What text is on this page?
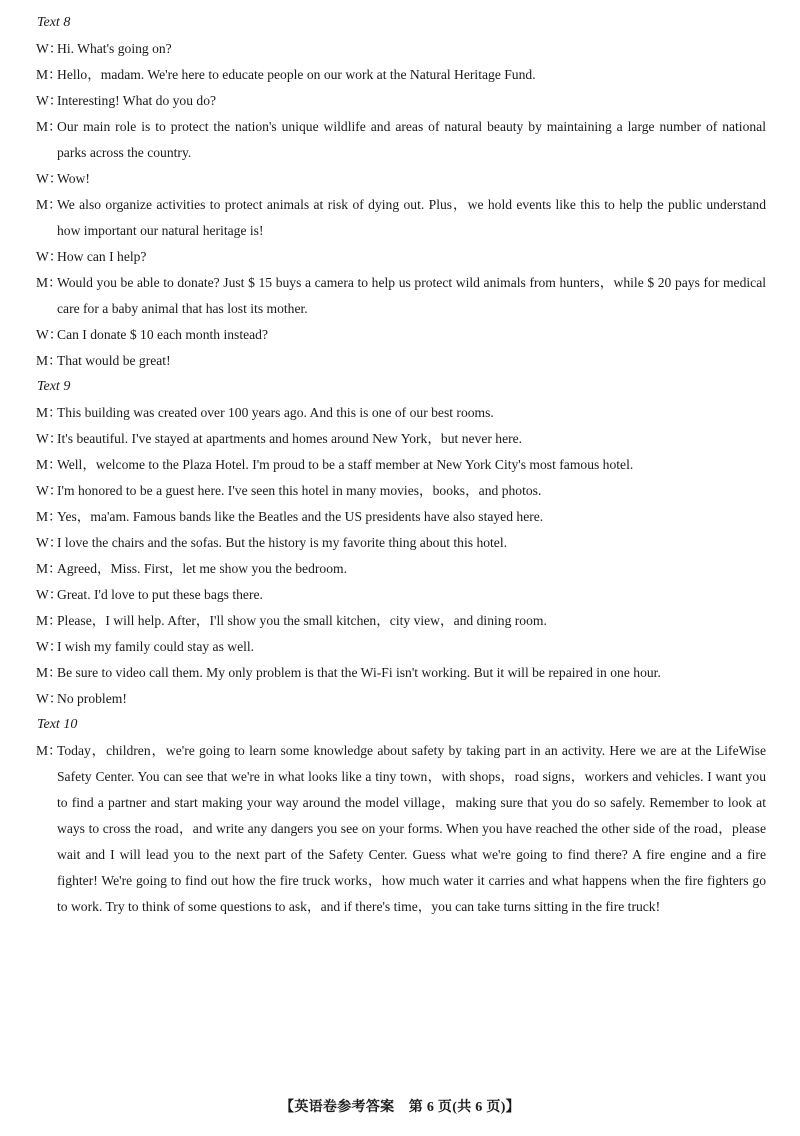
Text 8
W：
Hi. What's going on?
M：
Hello，madam. We're here to educate people on our work at the Natural Heritage Fund.
W：
Interesting! What do you do?
M：
Our main role is to protect the nation's unique wildlife and areas of natural beauty by maintaining a large number of national parks across the country.
W：
Wow!
M：
We also organize activities to protect animals at risk of dying out. Plus，we hold events like this to help the public understand how important our natural heritage is!
W：
How can I help?
M：
Would you be able to donate? Just $ 15 buys a camera to help us protect wild animals from hunters，while $ 20 pays for medical care for a baby animal that has lost its mother.
W：
Can I donate $ 10 each month instead?
M：
That would be great!
Text 9
M：
This building was created over 100 years ago. And this is one of our best rooms.
W：
It's beautiful. I've stayed at apartments and homes around New York，but never here.
M：
Well，welcome to the Plaza Hotel. I'm proud to be a staff member at New York City's most famous hotel.
W：
I'm honored to be a guest here. I've seen this hotel in many movies，books，and photos.
M：
Yes，ma'am. Famous bands like the Beatles and the US presidents have also stayed here.
W：
I love the chairs and the sofas. But the history is my favorite thing about this hotel.
M：
Agreed，Miss. First，let me show you the bedroom.
W：
Great. I'd love to put these bags there.
M：
Please，I will help. After，I'll show you the small kitchen，city view，and dining room.
W：
I wish my family could stay as well.
M：
Be sure to video call them. My only problem is that the Wi-Fi isn't working. But it will be repaired in one hour.
W：
No problem!
Text 10
M：
Today，children，we're going to learn some knowledge about safety by taking part in an activity. Here we are at the LifeWise Safety Center. You can see that we're in what looks like a tiny town，with shops，road signs，workers and vehicles. I want you to find a partner and start making your way around the model village，making sure that you do so safely. Remember to look at ways to cross the road，and write any dangers you see on your forms. When you have reached the other side of the road，please wait and I will lead you to the next part of the Safety Center. Guess what we're going to find there? A fire engine and a fire fighter! We're going to find out how the fire truck works，how much water it carries and what happens when the fire fighters go to work. Try to think of some questions to ask，and if there's time，you can take turns sitting in the fire truck!
【英语卷参考答案　第 6 页(共 6 页)】
